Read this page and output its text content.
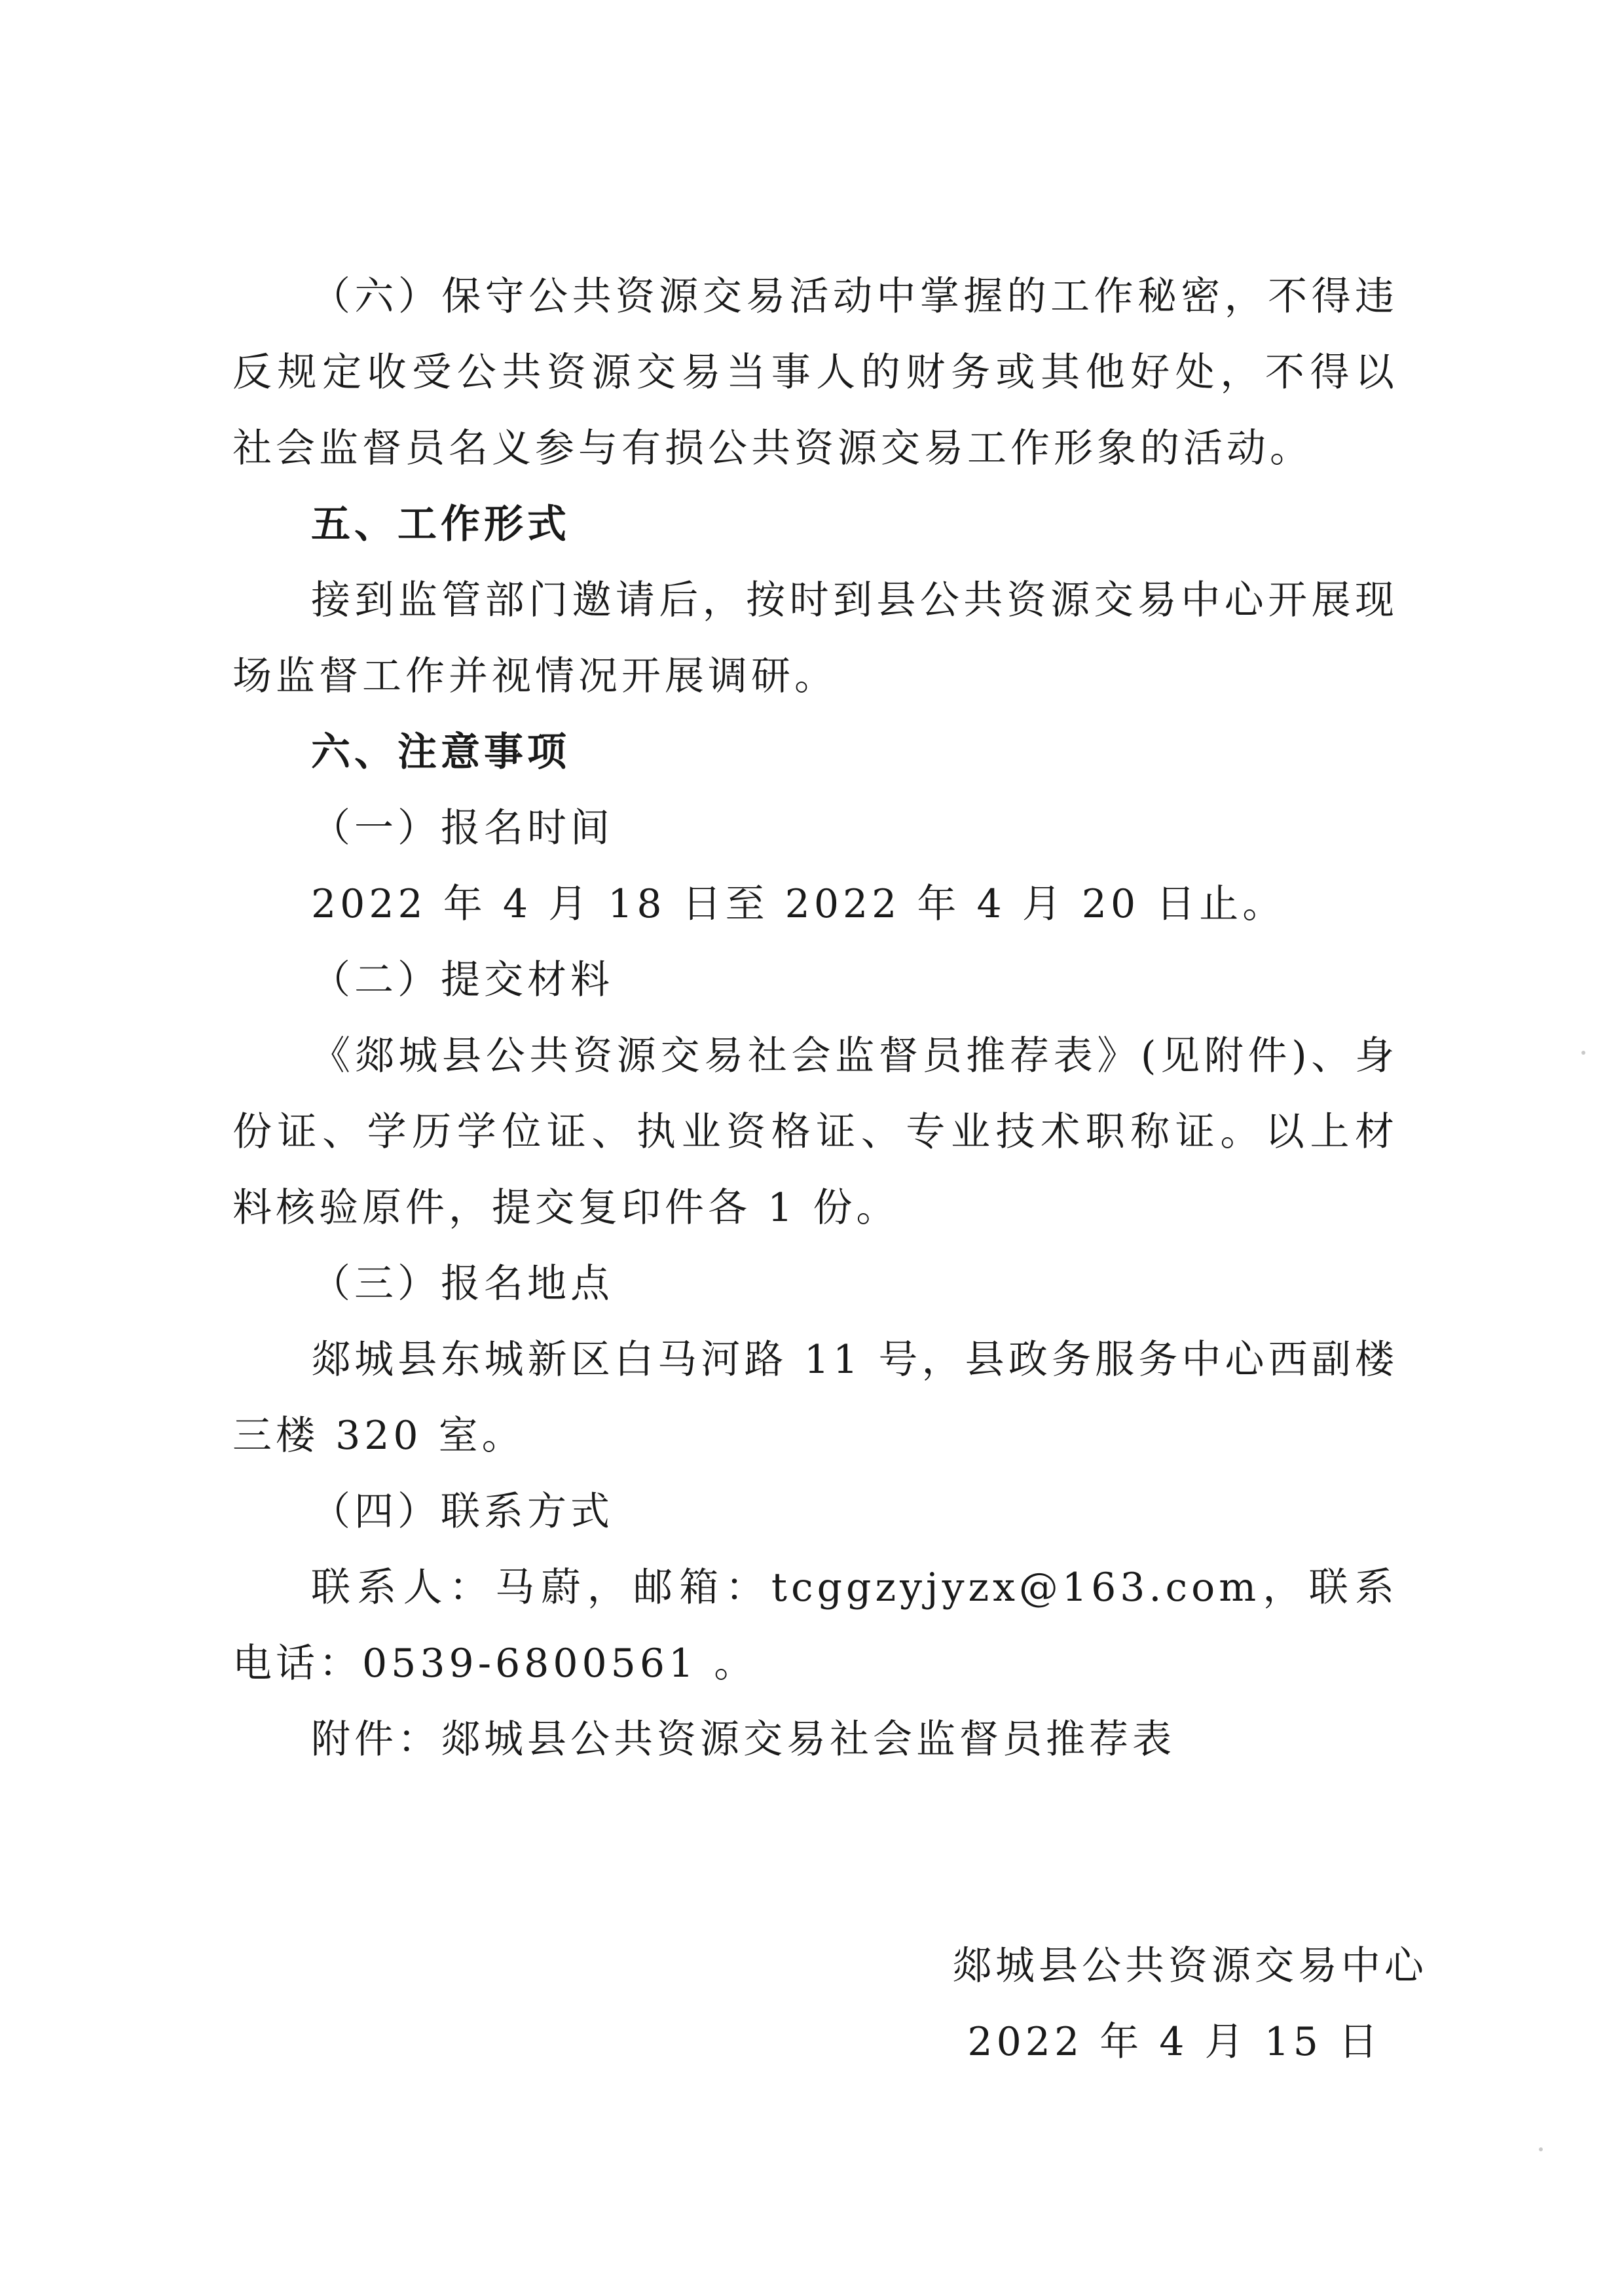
（六）保守公共资源交易活动中掌握的工作秘密，不得违反规定收受公共资源交易当事人的财务或其他好处，不得以社会监督员名义参与有损公共资源交易工作形象的活动。

五、工作形式

接到监管部门邀请后，按时到县公共资源交易中心开展现场监督工作并视情况开展调研。

六、注意事项

（一）报名时间

2022 年 4 月 18 日至 2022 年 4 月 20 日止。

（二）提交材料

《郯城县公共资源交易社会监督员推荐表》(见附件)、身份证、学历学位证、执业资格证、专业技术职称证。以上材料核验原件，提交复印件各 1 份。

（三）报名地点

郯城县东城新区白马河路 11 号，县政务服务中心西副楼三楼 320 室。

（四）联系方式

联系人：马蔚，邮箱：tcggzyjyzx@163.com，联系电话：0539-6800561 。

附件：郯城县公共资源交易社会监督员推荐表

郯城县公共资源交易中心
2022 年 4 月 15 日
